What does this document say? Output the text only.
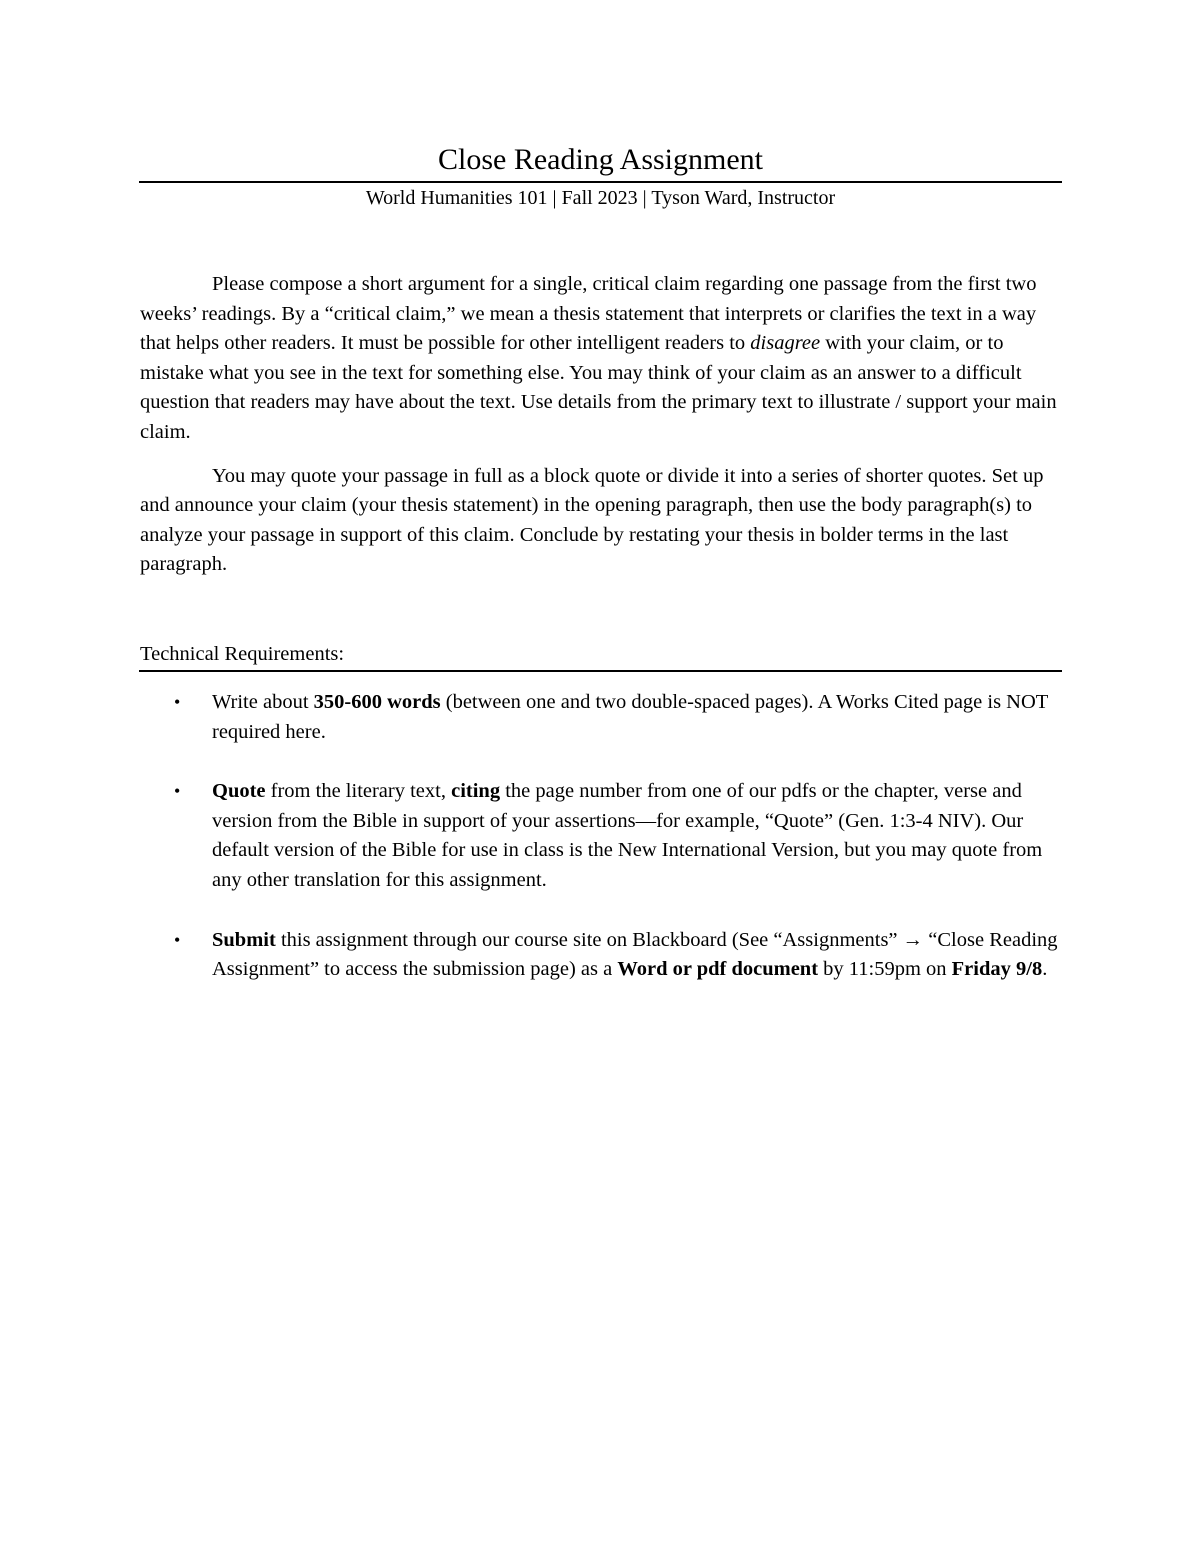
Close Reading Assignment
World Humanities 101 | Fall 2023 | Tyson Ward, Instructor

Please compose a short argument for a single, critical claim regarding one passage from the first two weeks’ readings. By a “critical claim,” we mean a thesis statement that interprets or clarifies the text in a way that helps other readers. It must be possible for other intelligent readers to disagree with your claim, or to mistake what you see in the text for something else. You may think of your claim as an answer to a difficult question that readers may have about the text. Use details from the primary text to illustrate / support your main claim.

You may quote your passage in full as a block quote or divide it into a series of shorter quotes. Set up and announce your claim (your thesis statement) in the opening paragraph, then use the body paragraph(s) to analyze your passage in support of this claim. Conclude by restating your thesis in bolder terms in the last paragraph.

Technical Requirements:
• Write about 350-600 words (between one and two double-spaced pages). A Works Cited page is NOT required here.
• Quote from the literary text, citing the page number from one of our pdfs or the chapter, verse and version from the Bible in support of your assertions—for example, “Quote” (Gen. 1:3-4 NIV). Our default version of the Bible for use in class is the New International Version, but you may quote from any other translation for this assignment.
• Submit this assignment through our course site on Blackboard (See “Assignments” → “Close Reading Assignment” to access the submission page) as a Word or pdf document by 11:59pm on Friday 9/8.
